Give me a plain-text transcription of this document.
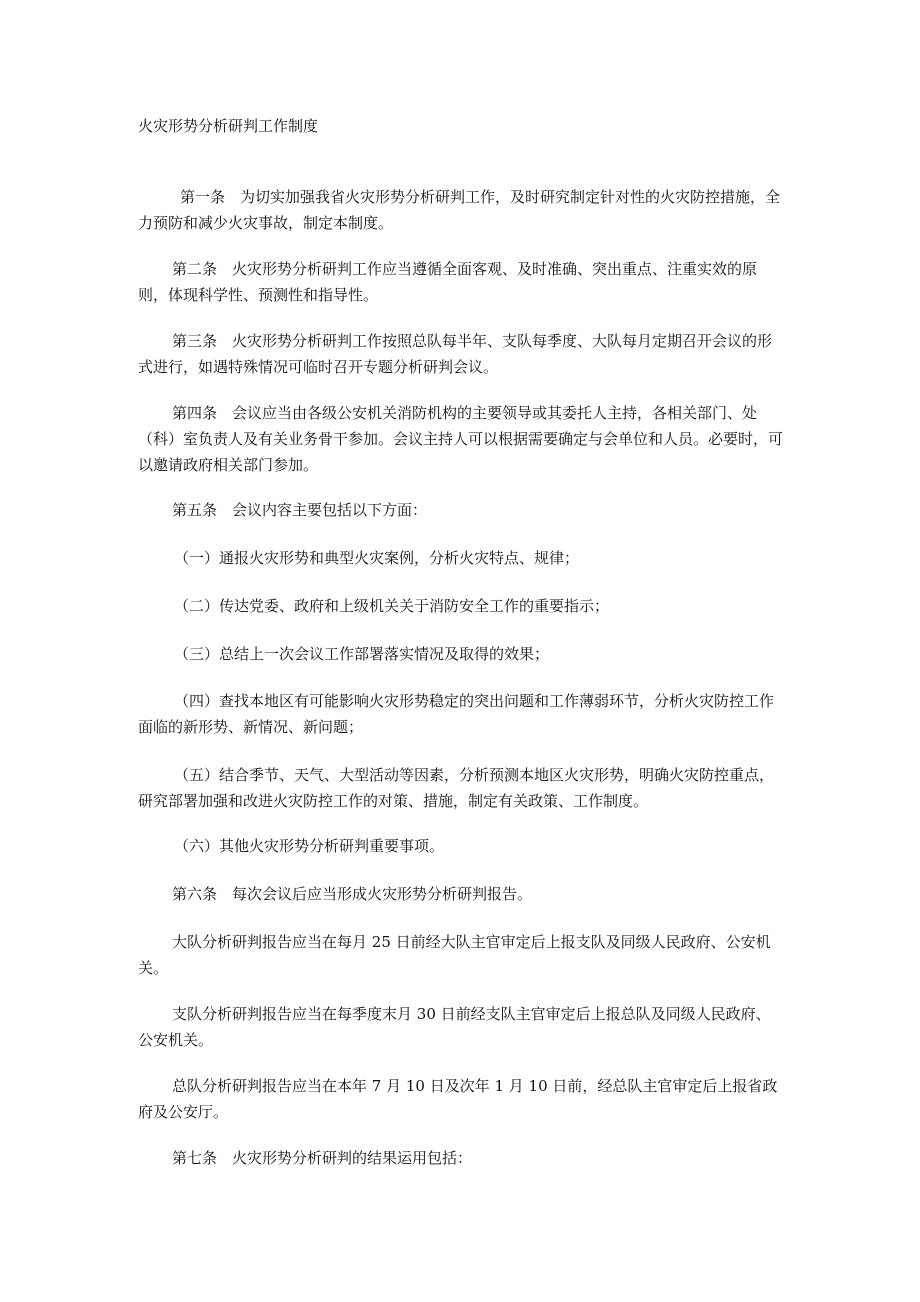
火灾形势分析研判工作制度
第一条　为切实加强我省火灾形势分析研判工作，及时研究制定针对性的火灾防控措施，全力预防和减少火灾事故，制定本制度。
第二条　火灾形势分析研判工作应当遵循全面客观、及时准确、突出重点、注重实效的原则，体现科学性、预测性和指导性。
第三条　火灾形势分析研判工作按照总队每半年、支队每季度、大队每月定期召开会议的形式进行，如遇特殊情况可临时召开专题分析研判会议。
第四条　会议应当由各级公安机关消防机构的主要领导或其委托人主持，各相关部门、处（科）室负责人及有关业务骨干参加。会议主持人可以根据需要确定与会单位和人员。必要时，可以邀请政府相关部门参加。
第五条　会议内容主要包括以下方面：
（一）通报火灾形势和典型火灾案例，分析火灾特点、规律；
（二）传达党委、政府和上级机关关于消防安全工作的重要指示；
（三）总结上一次会议工作部署落实情况及取得的效果；
（四）查找本地区有可能影响火灾形势稳定的突出问题和工作薄弱环节，分析火灾防控工作面临的新形势、新情况、新问题；
（五）结合季节、天气、大型活动等因素，分析预测本地区火灾形势，明确火灾防控重点，研究部署加强和改进火灾防控工作的对策、措施，制定有关政策、工作制度。
（六）其他火灾形势分析研判重要事项。
第六条　每次会议后应当形成火灾形势分析研判报告。
大队分析研判报告应当在每月 25 日前经大队主官审定后上报支队及同级人民政府、公安机关。
支队分析研判报告应当在每季度末月 30 日前经支队主官审定后上报总队及同级人民政府、公安机关。
总队分析研判报告应当在本年 7 月 10 日及次年 1 月 10 日前，经总队主官审定后上报省政府及公安厅。
第七条　火灾形势分析研判的结果运用包括：
